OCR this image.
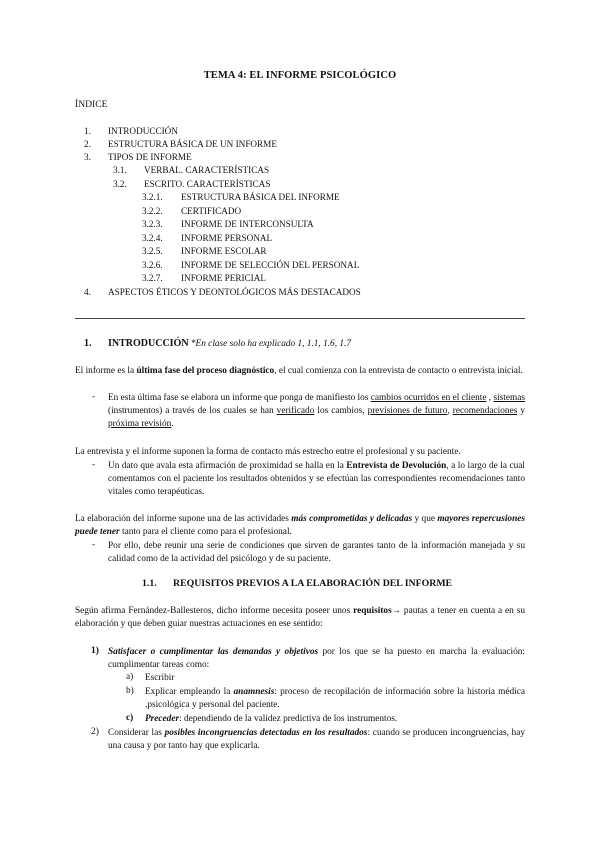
TEMA 4: EL INFORME PSICOLÓGICO
ÍNDICE
1. INTRODUCCIÓN
2. ESTRUCTURA BÁSICA DE UN INFORME
3. TIPOS DE INFORME
3.1. VERBAL. CARACTERÍSTICAS
3.2. ESCRITO. CARACTERÍSTICAS
3.2.1. ESTRUCTURA BÁSICA DEL INFORME
3.2.2. CERTIFICADO
3.2.3. INFORME DE INTERCONSULTA
3.2.4. INFORME PERSONAL
3.2.5. INFORME ESCOLAR
3.2.6. INFORME DE SELECCIÓN DEL PERSONAL
3.2.7. INFORME PERICIAL
4. ASPECTOS ÉTICOS Y DEONTOLÓGICOS MÁS DESTACADOS
1. INTRODUCCIÓN *En clase solo ha explicado 1, 1.1, 1.6, 1.7
El informe es la última fase del proceso diagnóstico, el cual comienza con la entrevista de contacto o entrevista inicial.
- En esta última fase se elabora un informe que ponga de manifiesto los cambios ocurridos en el cliente , sistemas (instrumentos) a través de los cuales se han verificado los cambios, previsiones de futuro, recomendaciones y próxima revisión.
La entrevista y el informe suponen la forma de contacto más estrecho entre el profesional y su paciente.
- Un dato que avala esta afirmación de proximidad se halla en la Entrevista de Devolución, a lo largo de la cual comentamos con el paciente los resultados obtenidos y se efectúan las correspondientes recomendaciones tanto vitales como terapéuticas.
La elaboración del informe supone una de las actividades más comprometidas y delicadas y que mayores repercusiones puede tener tanto para el cliente como para el profesional.
- Por ello, debe reunir una serie de condiciones que sirven de garantes tanto de la información manejada y su calidad como de la actividad del psicólogo y de su paciente.
1.1. REQUISITOS PREVIOS A LA ELABORACIÓN DEL INFORME
Según afirma Fernández-Ballesteros, dicho informe necesita poseer unos requisitos→ pautas a tener en cuenta a en su elaboración y que deben guiar nuestras actuaciones en ese sentido:
1) Satisfacer o cumplimentar las demandas y objetivos por los que se ha puesto en marcha la evaluación: cumplimentar tareas como:
a) Escribir
b) Explicar empleando la anamnesis: proceso de recopilación de información sobre la historia médica ,psicológica y personal del paciente.
c) Preceder: dependiendo de la validez predictiva de los instrumentos.
2) Considerar las posibles incongruencias detectadas en los resultados: cuando se producen incongruencias, hay una causa y por tanto hay que explicarla.
